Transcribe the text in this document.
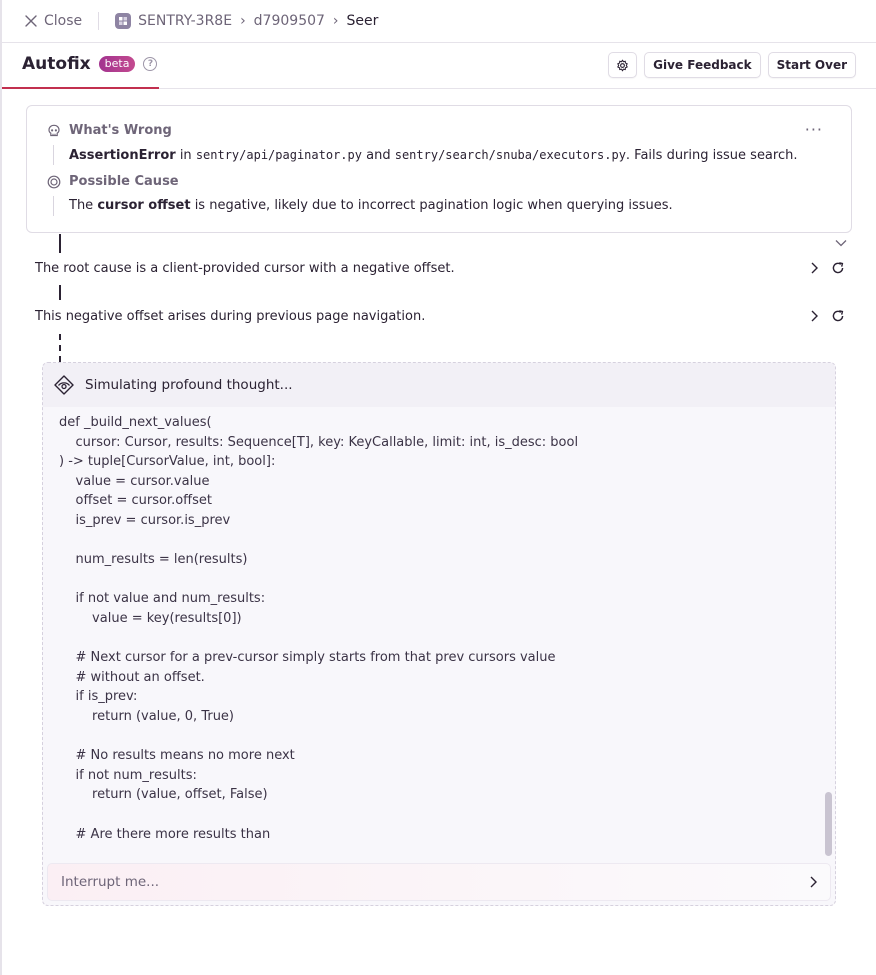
Close	SENTRY-3R8E › d7909507 › Seer
Autofix	beta	?	Give Feedback	Start Over
···
What's Wrong
AssertionError in sentry/api/paginator.py and sentry/search/snuba/executors.py. Fails during issue search.
Possible Cause
The cursor offset is negative, likely due to incorrect pagination logic when querying issues.
The root cause is a client-provided cursor with a negative offset.
This negative offset arises during previous page navigation.
Simulating profound thought...
def _build_next_values(
cursor: Cursor, results: Sequence[T], key: KeyCallable, limit: int, is_desc: bool
) -> tuple[CursorValue, int, bool]:
value = cursor.value
offset = cursor.offset
is_prev = cursor.is_prev
num_results = len(results)
if not value and num_results:
value = key(results[0])
# Next cursor for a prev-cursor simply starts from that prev cursors value
# without an offset.
if is_prev:
return (value, 0, True)
# No results means no more next
if not num_results:
return (value, offset, False)
# Are there more results than
Interrupt me...
